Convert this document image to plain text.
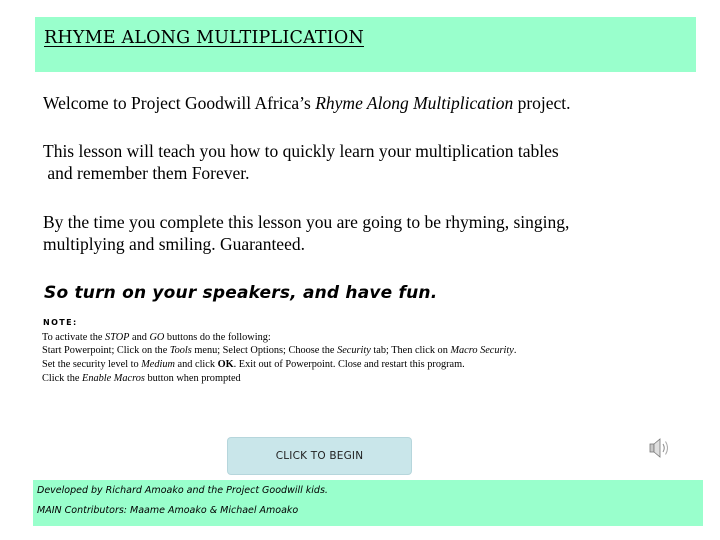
RHYME ALONG MULTIPLICATION
Welcome to Project Goodwill Africa’s Rhyme Along Multiplication project.
This lesson will teach you how to quickly learn your multiplication tables
and remember them Forever.
By the time you complete this lesson you are going to be rhyming, singing,
multiplying and smiling. Guaranteed.
So turn on your speakers, and have fun.
NOTE:
To activate the STOP and GO buttons do the following:
Start Powerpoint; Click on the Tools menu; Select Options; Choose the Security tab; Then click on Macro Security.
Set the security level to Medium and click OK. Exit out of Powerpoint. Close and restart this program.
Click the Enable Macros button when prompted
CLICK TO BEGIN
Developed by Richard Amoako and the Project Goodwill kids.
MAIN Contributors: Maame Amoako & Michael Amoako
